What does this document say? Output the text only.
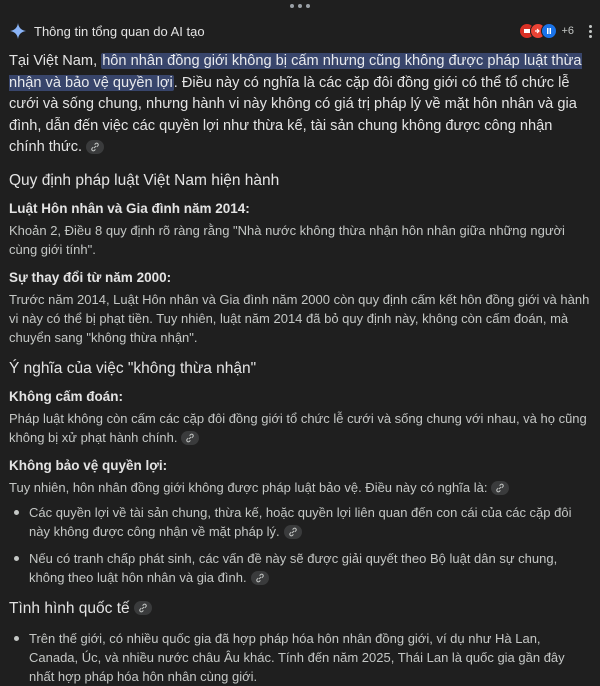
Thông tin tổng quan do AI tạo	+6

Tại Việt Nam, hôn nhân đồng giới không bị cấm nhưng cũng không được pháp luật thừa nhận và bảo vệ quyền lợi. Điều này có nghĩa là các cặp đôi đồng giới có thể tổ chức lễ cưới và sống chung, nhưng hành vi này không có giá trị pháp lý về mặt hôn nhân và gia đình, dẫn đến việc các quyền lợi như thừa kế, tài sản chung không được công nhận chính thức.

Quy định pháp luật Việt Nam hiện hành
Luật Hôn nhân và Gia đình năm 2014:

Khoản 2, Điều 8 quy định rõ ràng rằng "Nhà nước không thừa nhận hôn nhân giữa những người cùng giới tính".

Sự thay đổi từ năm 2000:

Trước năm 2014, Luật Hôn nhân và Gia đình năm 2000 còn quy định cấm kết hôn đồng giới và hành vi này có thể bị phạt tiền. Tuy nhiên, luật năm 2014 đã bỏ quy định này, không còn cấm đoán, mà chuyển sang "không thừa nhận".

Ý nghĩa của việc "không thừa nhận"
Không cấm đoán:

Pháp luật không còn cấm các cặp đôi đồng giới tổ chức lễ cưới và sống chung với nhau, và họ cũng không bị xử phạt hành chính.

Không bảo vệ quyền lợi:

Tuy nhiên, hôn nhân đồng giới không được pháp luật bảo vệ. Điều này có nghĩa là:

Các quyền lợi về tài sản chung, thừa kế, hoặc quyền lợi liên quan đến con cái của các cặp đôi này không được công nhận về mặt pháp lý.
Nếu có tranh chấp phát sinh, các vấn đề này sẽ được giải quyết theo Bộ luật dân sự chung, không theo luật hôn nhân và gia đình.
Tình hình quốc tế
Trên thế giới, có nhiều quốc gia đã hợp pháp hóa hôn nhân đồng giới, ví dụ như Hà Lan, Canada, Úc, và nhiều nước châu Âu khác. Tính đến năm 2025, Thái Lan là quốc gia gần đây nhất hợp pháp hóa hôn nhân cùng giới.
